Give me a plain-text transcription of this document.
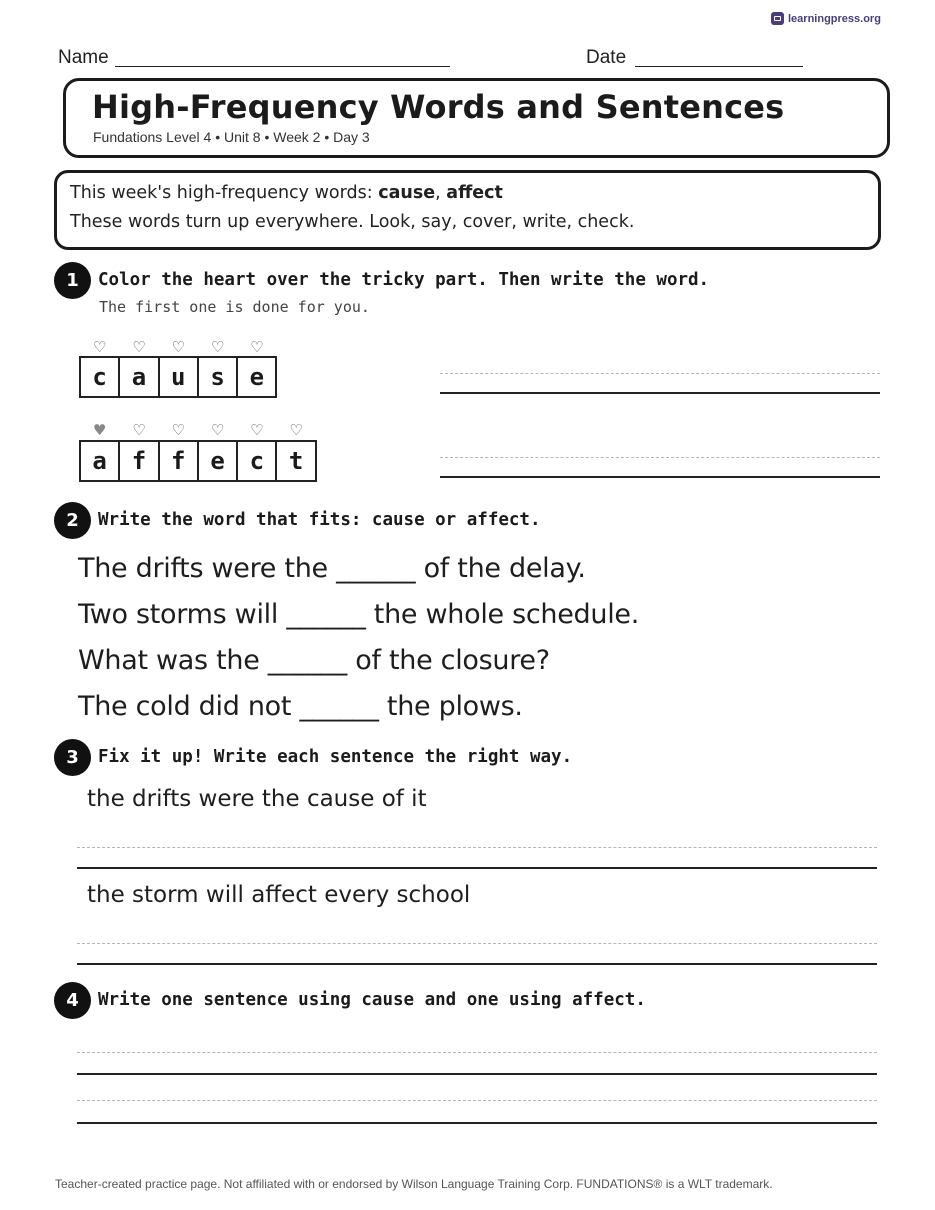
learningpress.org
Name	Date
High-Frequency Words and Sentences
Fundations Level 4 • Unit 8 • Week 2 • Day 3
This week's high-frequency words: cause, affect
These words turn up everywhere. Look, say, cover, write, check.
1	Color the heart over the tricky part. Then write the word.
The first one is done for you.
♡	♡	♡	♡	♡
c	a	u	s	e
♥	♡	♡	♡	♡	♡
a	f	f	e	c	t
2	Write the word that fits: cause or affect.
The drifts were the ______ of the delay.
Two storms will ______ the whole schedule.
What was the ______ of the closure?
The cold did not ______ the plows.
3	Fix it up! Write each sentence the right way.
the drifts were the cause of it
the storm will affect every school
4	Write one sentence using cause and one using affect.
Teacher-created practice page. Not affiliated with or endorsed by Wilson Language Training Corp. FUNDATIONS® is a WLT trademark.
